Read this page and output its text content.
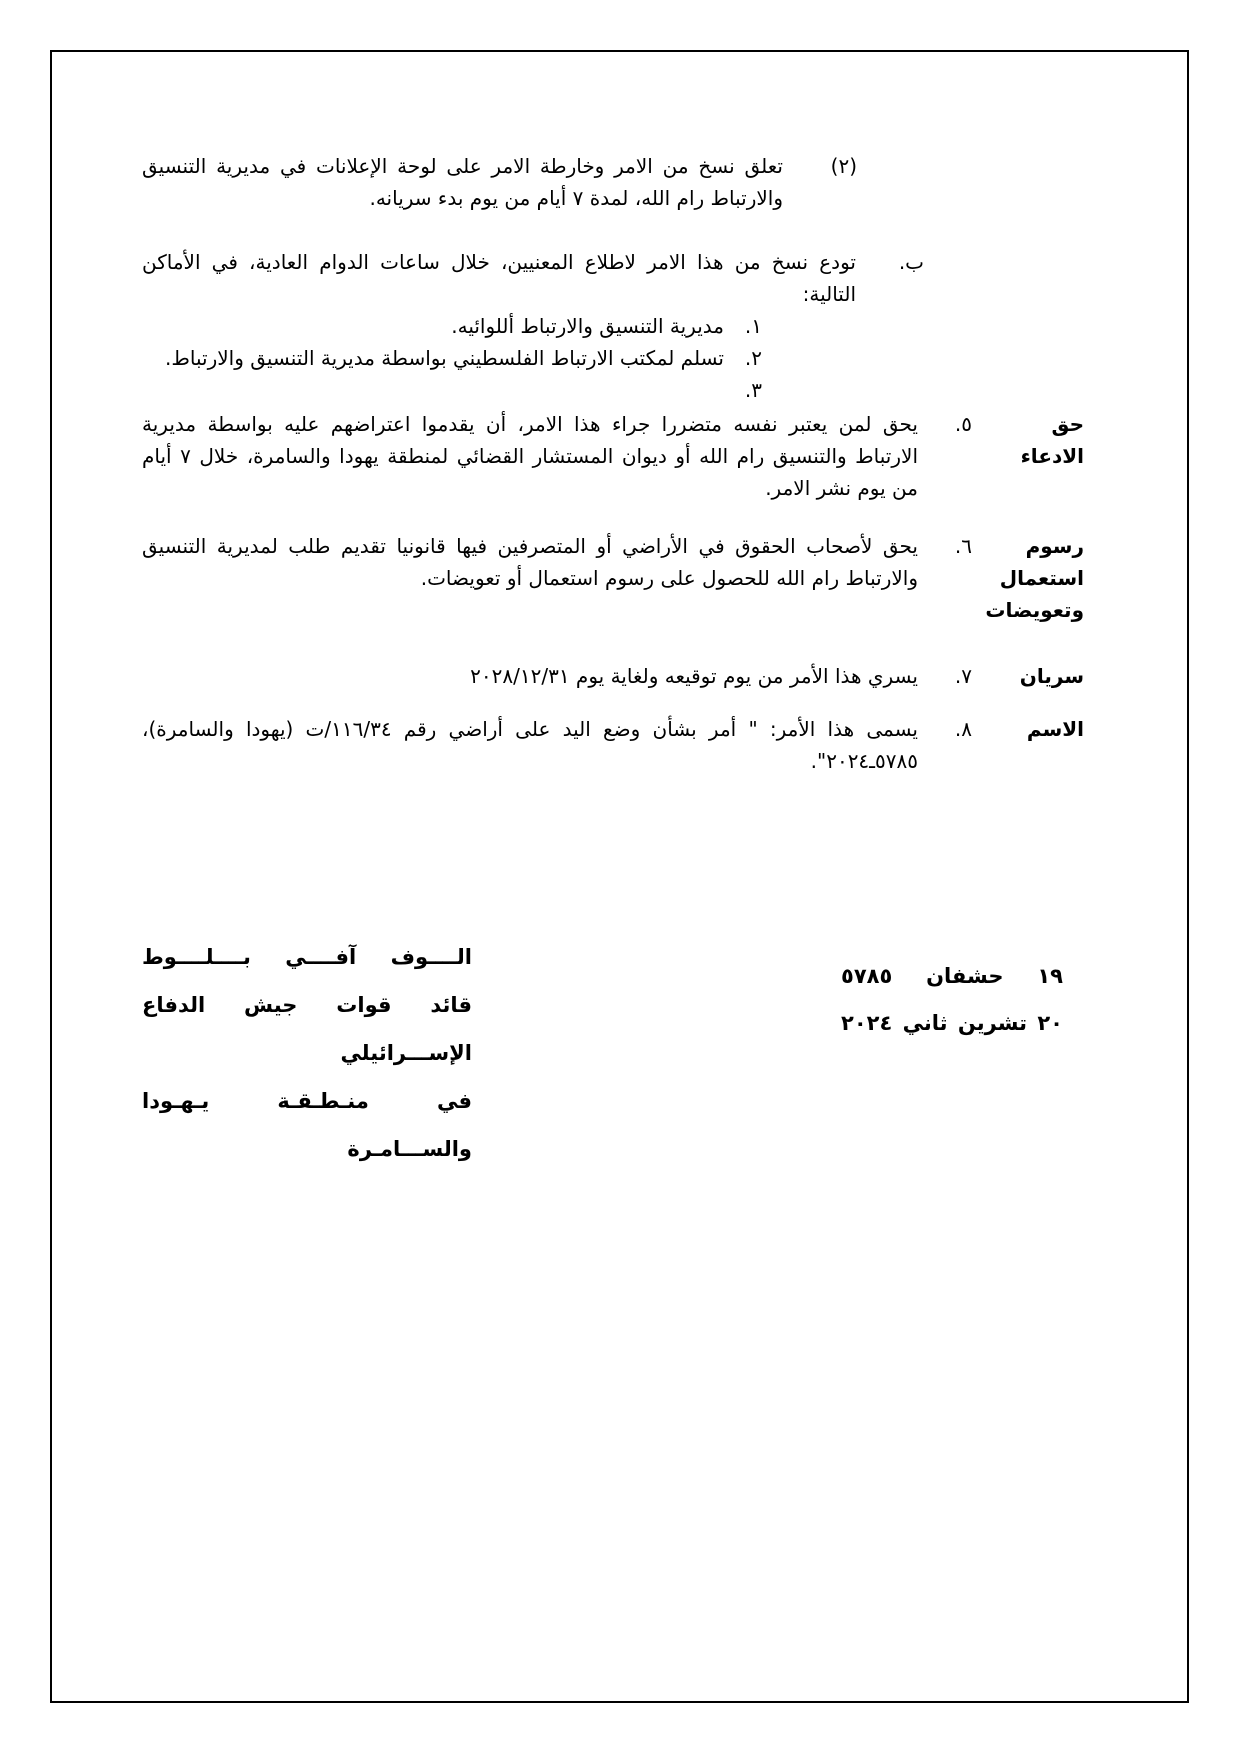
(٢)
تعلق نسخ من الامر وخارطة الامر على لوحة الإعلانات في مديرية التنسيق والارتباط رام الله، لمدة ٧ أيام من يوم بدء سريانه.
ب.
تودع نسخ من هذا الامر لاطلاع المعنيين، خلال ساعات الدوام العادية، في الأماكن التالية:
١.
مديرية التنسيق والارتباط أللوائيه.
٢.
تسلم لمكتب الارتباط الفلسطيني بواسطة مديرية التنسيق والارتباط.
٣.
حق الادعاء
٥.
يحق لمن يعتبر نفسه متضررا جراء هذا الامر، أن يقدموا اعتراضهم عليه بواسطة مديرية الارتباط والتنسيق رام الله أو ديوان المستشار القضائي لمنطقة يهودا والسامرة، خلال ٧ أيام من يوم نشر الامر.
رسوم استعمال وتعويضات
٦.
يحق لأصحاب الحقوق في الأراضي أو المتصرفين فيها قانونيا تقديم طلب لمديرية التنسيق والارتباط رام الله للحصول على رسوم استعمال أو تعويضات.
سريان
٧.
يسري هذا الأمر من يوم توقيعه ولغاية يوم ٢٠٢٨/١٢/٣١
الاسم
٨.
يسمى هذا الأمر: " أمر بشأن وضع اليد على أراضي رقم ١١٦/٣٤/ت (يهودا والسامرة)، ٥٧٨٥ـ٢٠٢٤".
١٩ حشفان ٥٧٨٥
٢٠ تشرين ثاني ٢٠٢٤
الــــوف آفــــي بــــلــــوط
قائد قوات جيش الدفاع الإســـرائيلي
في منـطـقـة يـهـودا والســـامـرة
